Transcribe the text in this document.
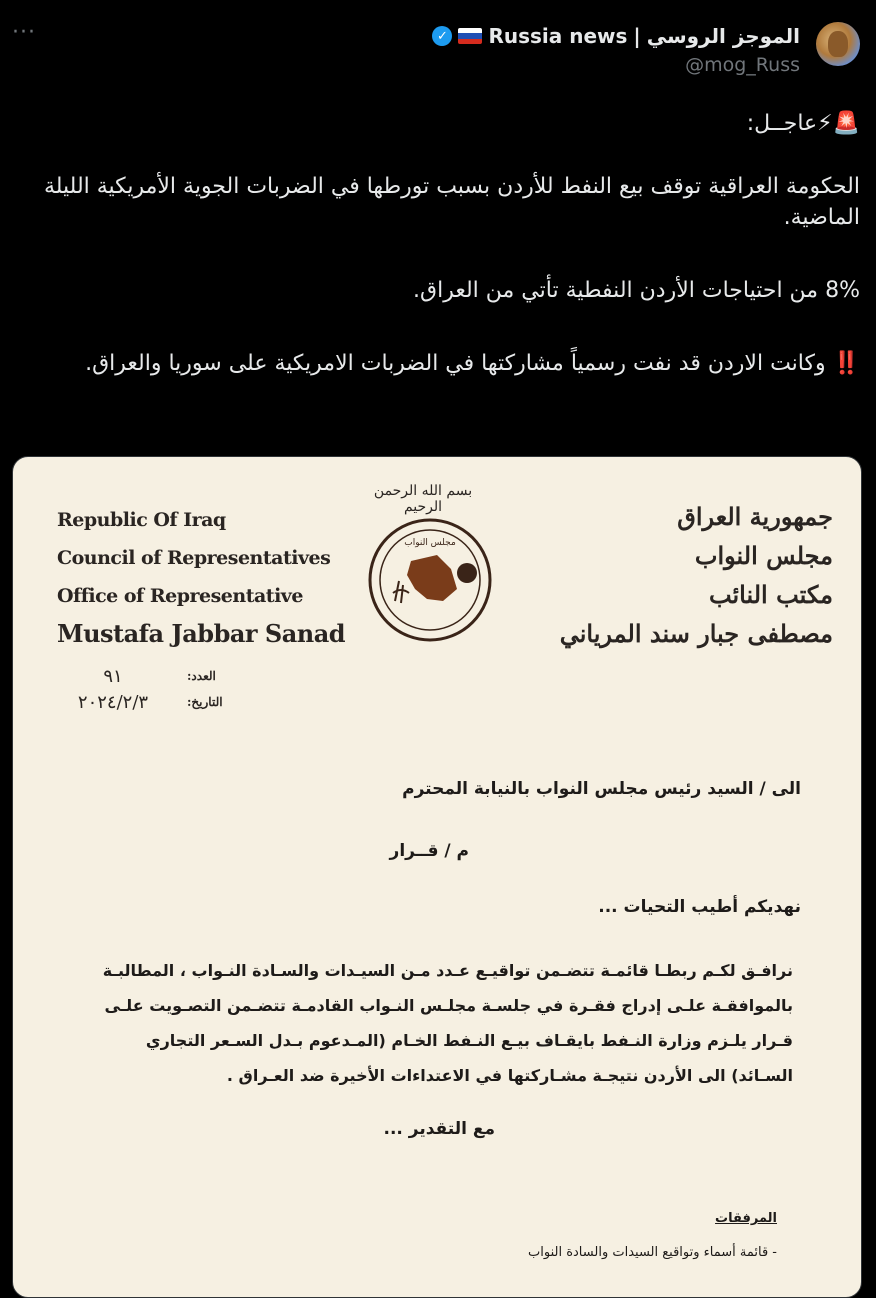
···	الموجز الروسي
|
Russia news
✓
@mog_Russ

🚨⚡عاجــل:

الحكومة العراقية توقف بيع النفط للأردن بسبب تورطها في الضربات الجوية الأمريكية الليلة الماضية.

8% من احتياجات الأردن النفطية تأتي من العراق.

‼️ وكانت الاردن قد نفت رسمياً مشاركتها في الضربات الامريكية على سوريا والعراق.

Republic Of Iraq
Council of Representatives
Office of Representative
Mustafa Jabbar Sanad
بسم الله الرحمن الرحيم
مجلس النواب
جمهورية العراق
مجلس النواب
مكتب النائب
مصطفى جبار سند المرياني
٩١	العدد:
٢٠٢٤/٢/٣	التاريخ:
الى / السيد رئيس مجلس النواب بالنيابة المحترم
م / قــرار
نهديكم أطيب التحيات ...
نرافـق لكـم ربطـا قائمـة تتضـمن تواقيـع عـدد مـن السيـدات والسـادة النـواب ، المطالبـة بالموافقـة علـى إدراج فقـرة في جلسـة مجلـس النـواب القادمـة تتضـمن التصـويت علـى قـرار يلـزم وزارة النـفط بايقـاف بيـع النـفط الخـام (المـدعوم بـدل السـعر التجاري السـائد) الى الأردن نتيجـة مشـاركتها في الاعتداءات الأخيرة ضد العـراق .
مع التقدير ...
المرفقات
- قائمة أسماء وتواقيع السيدات والسادة النواب
